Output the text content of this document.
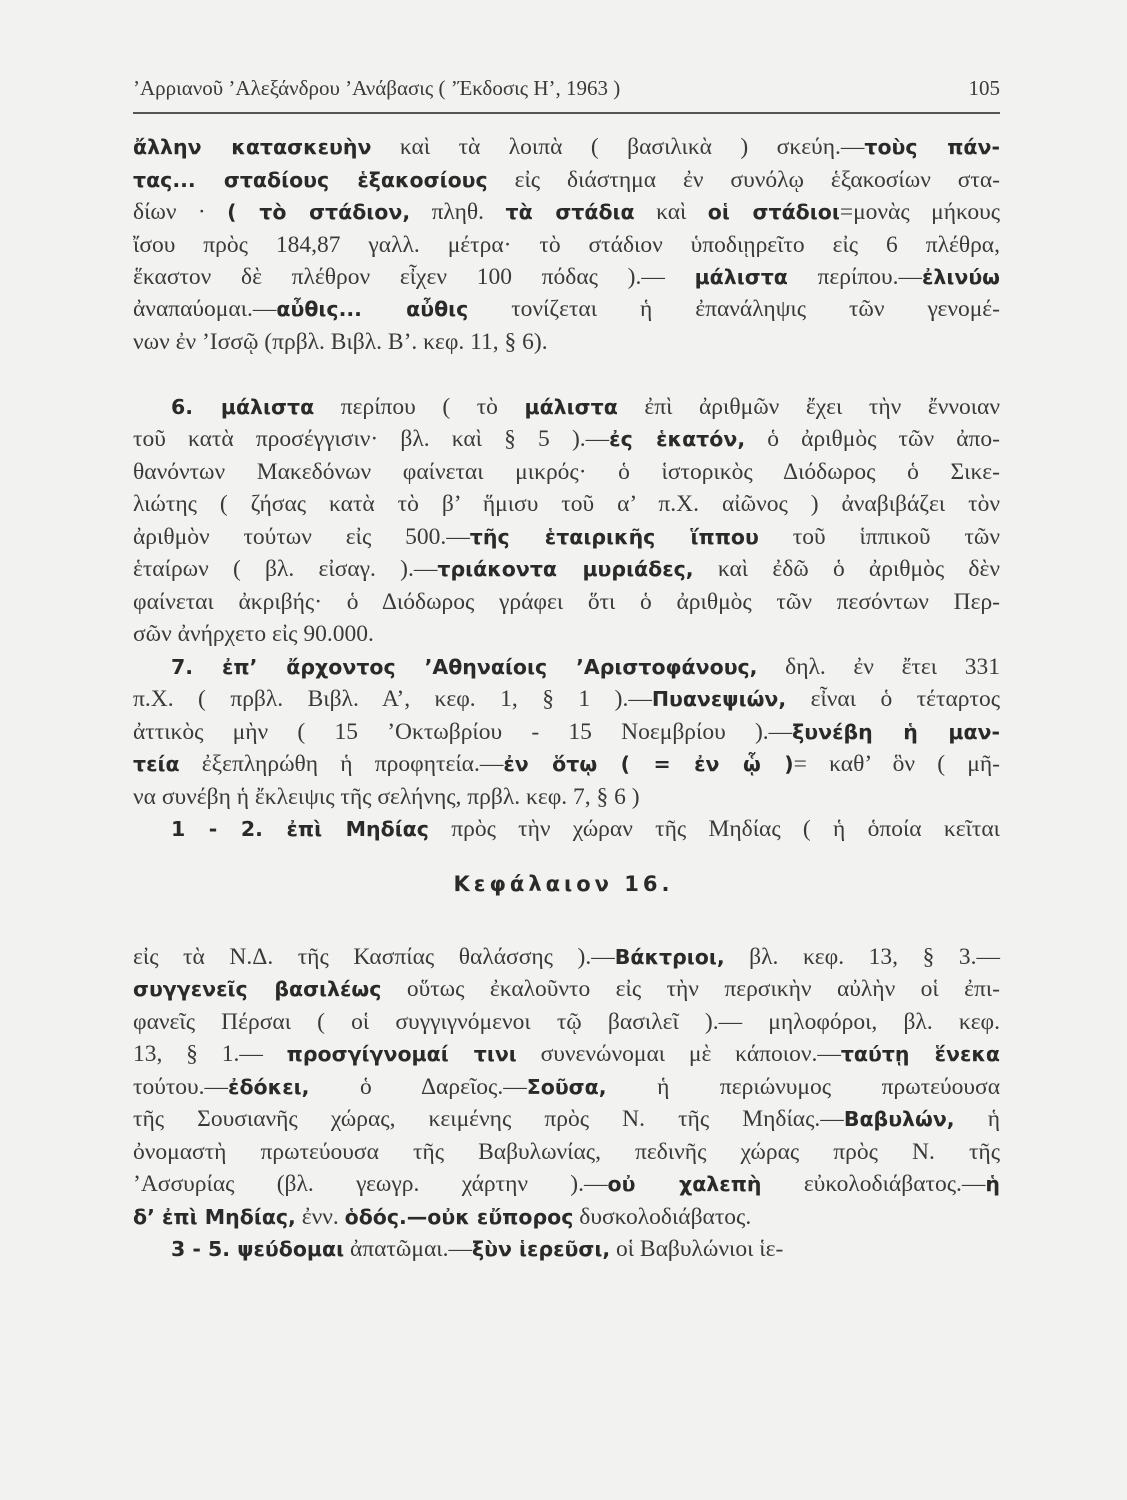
’Αρριανοῦ ’Αλεξάνδρου ’Ανάβασις ( ’Έκδοσις Η’, 1963 )	105
Κεφάλαιον 16.
ἄλλην κατασκευὴν καὶ τὰ λοιπὰ ( βασιλικὰ ) σκεύη.—τοὺς πάν-
τας... σταδίους ἑξακοσίους εἰς διάστημα ἐν συνόλῳ ἑξακοσίων στα-
δίων · ( τὸ στάδιον, πληθ. τὰ στάδια καὶ οἱ στάδιοι=μονὰς μήκους
ἴσου πρὸς 184,87 γαλλ. μέτρα· τὸ στάδιον ὑποδιῃρεῖτο εἰς 6 πλέθρα,
ἕκαστον δὲ πλέθρον εἶχεν 100 πόδας ).— μάλιστα περίπου.—ἐλινύω
ἀναπαύομαι.—αὖθις... αὖθις τονίζεται ἡ ἐπανάληψις τῶν γενομέ-
νων ἐν ’Ισσῷ (πρβλ. Βιβλ. Β’. κεφ. 11, § 6).
6. μάλιστα περίπου ( τὸ μάλιστα ἐπὶ ἀριθμῶν ἔχει τὴν ἔννοιαν
τοῦ κατὰ προσέγγισιν· βλ. καὶ § 5 ).—ἐς ἑκατόν, ὁ ἀριθμὸς τῶν ἀπο-
θανόντων Μακεδόνων φαίνεται μικρός· ὁ ἱστορικὸς Διόδωρος ὁ Σικε-
λιώτης ( ζήσας κατὰ τὸ β’ ἥμισυ τοῦ α’ π.Χ. αἰῶνος ) ἀναβιβάζει τὸν
ἀριθμὸν τούτων εἰς 500.—τῆς ἑταιρικῆς ἵππου τοῦ ἱππικοῦ τῶν
ἑταίρων ( βλ. εἰσαγ. ).—τριάκοντα μυριάδες, καὶ ἐδῶ ὁ ἀριθμὸς δὲν
φαίνεται ἀκριβής· ὁ Διόδωρος γράφει ὅτι ὁ ἀριθμὸς τῶν πεσόντων Περ-
σῶν ἀνήρχετο εἰς 90.000.
7. ἐπ’ ἄρχοντος ’Αθηναίοις ’Αριστοφάνους, δηλ. ἐν ἔτει 331
π.Χ. ( πρβλ. Βιβλ. Α’, κεφ. 1, § 1 ).—Πυανεψιών, εἶναι ὁ τέταρτος
ἀττικὸς μὴν ( 15 ’Οκτωβρίου - 15 Νοεμβρίου ).—ξυνέβη ἡ μαν-
τεία ἐξεπληρώθη ἡ προφητεία.—ἐν ὅτῳ ( = ἐν ᾧ )= καθ’ ὃν ( μῆ-
να συνέβη ἡ ἔκλειψις τῆς σελήνης, πρβλ. κεφ. 7, § 6 )
1 - 2. ἐπὶ Μηδίας πρὸς τὴν χώραν τῆς Μηδίας ( ἡ ὁποία κεῖται
εἰς τὰ Ν.Δ. τῆς Κασπίας θαλάσσης ).—Βάκτριοι, βλ. κεφ. 13, § 3.—
συγγενεῖς βασιλέως οὕτως ἐκαλοῦντο εἰς τὴν περσικὴν αὐλὴν οἱ ἐπι-
φανεῖς Πέρσαι ( οἱ συγγιγνόμενοι τῷ βασιλεῖ ).— μηλοφόροι, βλ. κεφ.
13, § 1.— προσγίγνομαί τινι συνενώνομαι μὲ κάποιον.—ταύτῃ ἕνεκα
τούτου.—ἐδόκει, ὁ Δαρεῖος.—Σοῦσα, ἡ περιώνυμος πρωτεύουσα
τῆς Σουσιανῆς χώρας, κειμένης πρὸς Ν. τῆς Μηδίας.—Βαβυλών, ἡ
ὀνομαστὴ πρωτεύουσα τῆς Βαβυλωνίας, πεδινῆς χώρας πρὸς Ν. τῆς
’Ασσυρίας (βλ. γεωγρ. χάρτην ).—οὐ χαλεπὴ εὐκολοδιάβατος.—ἡ
δ’ ἐπὶ Μηδίας, ἐνν. ὁδός.—οὐκ εὔπορος δυσκολοδιάβατος.
3 - 5. ψεύδομαι ἀπατῶμαι.—ξὺν ἱερεῦσι, οἱ Βαβυλώνιοι ἱε-
